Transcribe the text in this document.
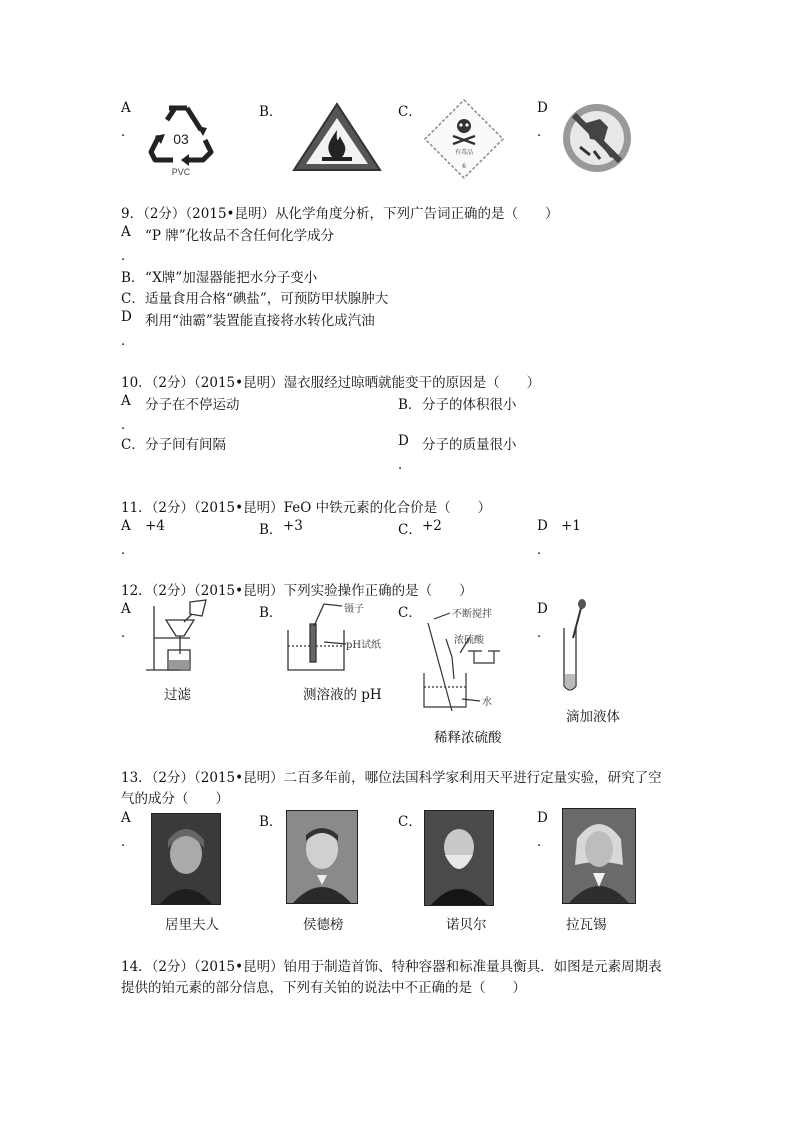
A
．	03
PVC
B．	C．
有毒品
6
D
．
9．（2分）（2015•昆明）从化学角度分析，下列广告词正确的是（　　）
A “P 牌”化妆品不含任何化学成分
．
B． “X牌”加湿器能把水分子变小
C． 适量食用合格“碘盐”，可预防甲状腺肿大
D 利用“油霸”装置能直接将水转化成汽油
．
10．（2分）（2015•昆明）湿衣服经过晾晒就能变干的原因是（　　）
A 分子在不停运动
．
B． 分子的体积很小
C． 分子间有间隔	D 分子的质量很小
．
11．（2分）（2015•昆明）FeO 中铁元素的化合价是（　　）
A +4
．
B． +3	C． +2	D +1
．
12．（2分）（2015•昆明）下列实验操作正确的是（　　）
A
．
过滤
B．	镊子
pH试纸
测溶液的 pH
C．	不断搅拌
浓硫酸
水
稀释浓硫酸
D
．
滴加液体
13．（2分）（2015•昆明）二百多年前，哪位法国科学家利用天平进行定量实验，研究了空
气的成分（　　）
A
．
居里夫人
B．
侯德榜
C．
诺贝尔
D
．
拉瓦锡
14．（2分）（2015•昆明）铂用于制造首饰、特种容器和标准量具衡具．如图是元素周期表
提供的铂元素的部分信息，下列有关铂的说法中不正确的是（　　）
